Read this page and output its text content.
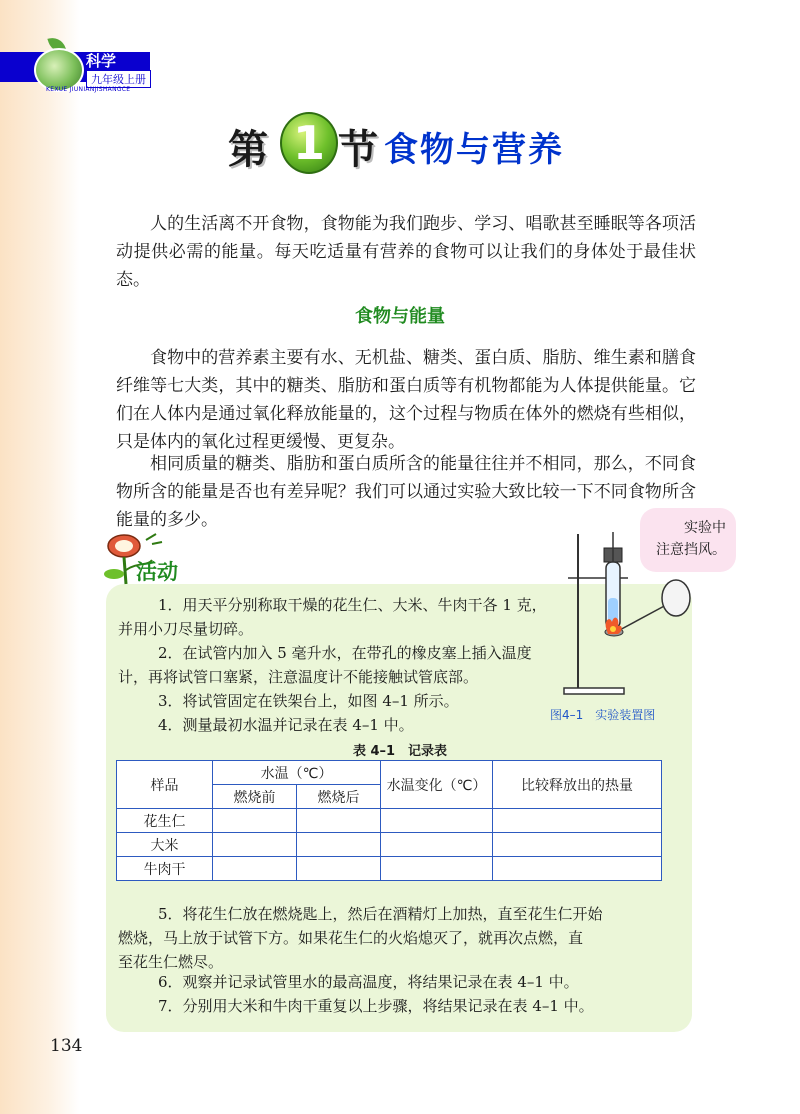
科学
九年级上册
KEXUE JIUNIANJISHANGCE
第 1 节 食物与营养

人的生活离不开食物，食物能为我们跑步、学习、唱歌甚至睡眠等各项活动提供必需的能量。每天吃适量有营养的食物可以让我们的身体处于最佳状态。

食物与能量

食物中的营养素主要有水、无机盐、糖类、蛋白质、脂肪、维生素和膳食纤维等七大类，其中的糖类、脂肪和蛋白质等有机物都能为人体提供能量。它们在人体内是通过氧化释放能量的，这个过程与物质在体外的燃烧有些相似，只是体内的氧化过程更缓慢、更复杂。

相同质量的糖类、脂肪和蛋白质所含的能量往往并不相同，那么，不同食物所含的能量是否也有差异呢？我们可以通过实验大致比较一下不同食物所含能量的多少。	实验中
注意挡风。
活动
1．用天平分别称取干燥的花生仁、大米、牛肉干各 1 克，
并用小刀尽量切碎。
2．在试管内加入 5 毫升水，在带孔的橡皮塞上插入温度
计，再将试管口塞紧，注意温度计不能接触试管底部。
3．将试管固定在铁架台上，如图 4–1 所示。
4．测量最初水温并记录在表 4–1 中。
图4–1　实验装置图
表 4–1　记录表
样品	水温（℃）		水温变化（℃）	比较释放出的热量
	燃烧前	燃烧后		
花生仁				
大米				
牛肉干				
5．将花生仁放在燃烧匙上，然后在酒精灯上加热，直至花生仁开始
燃烧，马上放于试管下方。如果花生仁的火焰熄灭了，就再次点燃，直
至花生仁燃尽。
6．观察并记录试管里水的最高温度，将结果记录在表 4–1 中。
7．分别用大米和牛肉干重复以上步骤，将结果记录在表 4–1 中。
134
